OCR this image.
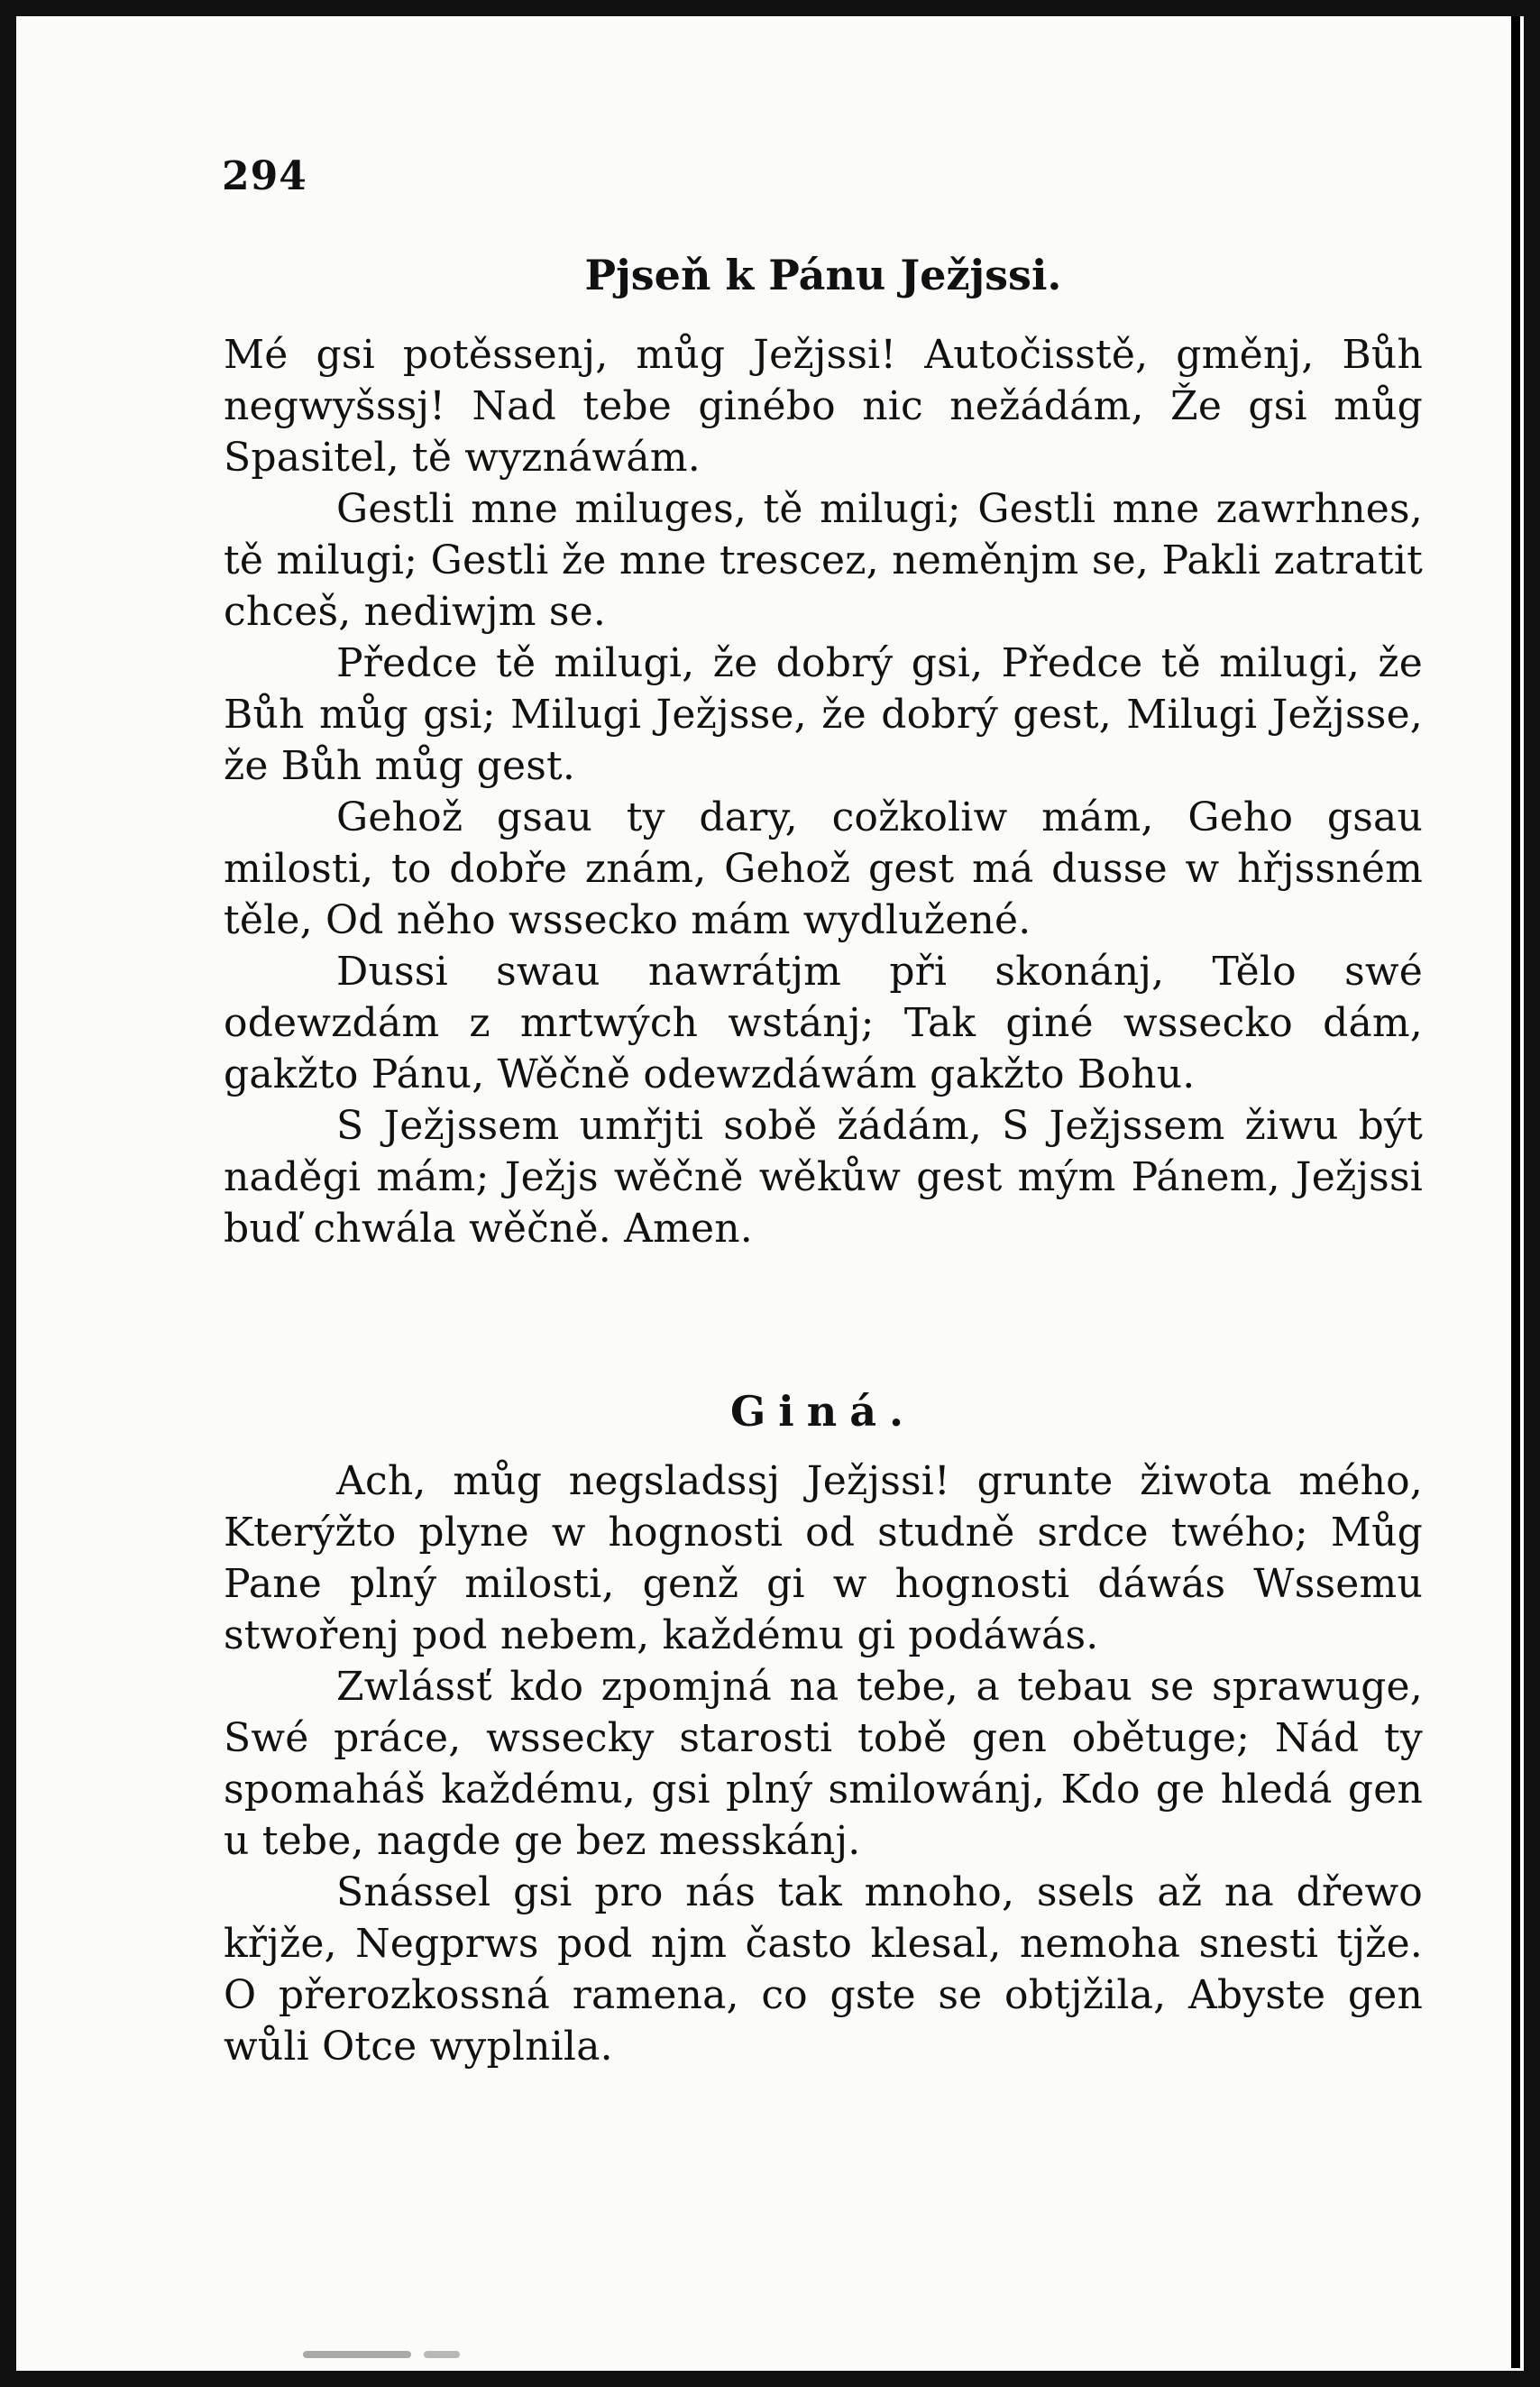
294
Pjseň k Pánu Ježjssi.

Mé gsi potěssenj, můg Ježjssi! Autočisstě, gměnj, Bůh negwyšssj! Nad tebe ginébo nic nežádám, Že gsi můg Spasitel, tě wyznáwám.

Gestli mne miluges, tě milugi; Gestli mne zawrhnes, tě milugi; Gestli že mne trescez, neměnjm se, Pakli zatratit chceš, nediwjm se.

Předce tě milugi, že dobrý gsi, Předce tě milugi, že Bůh můg gsi; Milugi Ježjsse, že dobrý gest, Milugi Ježjsse, že Bůh můg gest.

Gehož gsau ty dary, cožkoliw mám, Geho gsau milosti, to dobře znám, Gehož gest má dusse w hřjssném těle, Od něho wssecko mám wydlužené.

Dussi swau nawrátjm při skonánj, Tělo swé odewzdám z mrtwých wstánj; Tak giné wssecko dám, gakžto Pánu, Wěčně odewzdáwám gakžto Bohu.

S Ježjssem umřjti sobě žádám, S Ježjssem žiwu být naděgi mám; Ježjs wěčně wěkůw gest mým Pánem, Ježjssi buď chwála wěčně. Amen.

Giná.

Ach, můg negsladssj Ježjssi! grunte žiwota mého, Kterýžto plyne w hognosti od studně srdce twého; Můg Pane plný milosti, genž gi w hognosti dáwás Wssemu stwořenj pod nebem, každému gi podáwás.

Zwlássť kdo zpomjná na tebe, a tebau se sprawuge, Swé práce, wssecky starosti tobě gen obětuge; Nád ty spomaháš každému, gsi plný smilowánj, Kdo ge hledá gen u tebe, nagde ge bez messkánj.

Snássel gsi pro nás tak mnoho, ssels až na dřewo křjže, Negprws pod njm často klesal, nemoha snesti tjže. O přerozkossná ramena, co gste se obtjžila, Abyste gen wůli Otce wyplnila.
